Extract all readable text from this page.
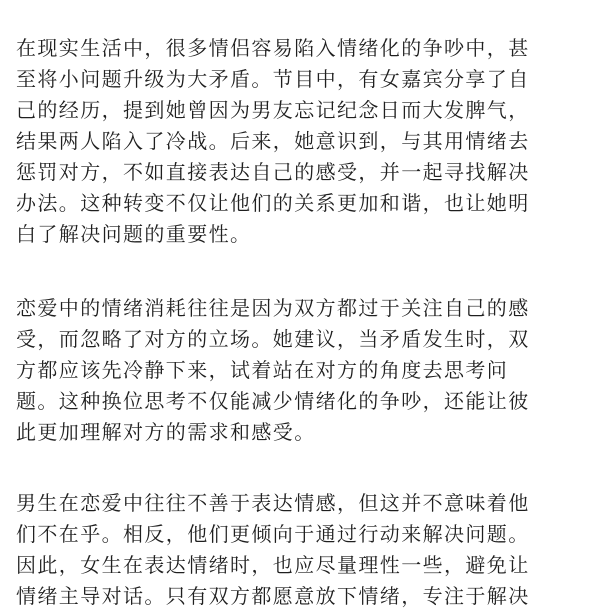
在现实生活中，很多情侣容易陷入情绪化的争吵中，甚
至将小问题升级为大矛盾。节目中，有女嘉宾分享了自
己的经历，提到她曾因为男友忘记纪念日而大发脾气，
结果两人陷入了冷战。后来，她意识到，与其用情绪去
惩罚对方，不如直接表达自己的感受，并一起寻找解决
办法。这种转变不仅让他们的关系更加和谐，也让她明
白了解决问题的重要性。

恋爱中的情绪消耗往往是因为双方都过于关注自己的感
受，而忽略了对方的立场。她建议，当矛盾发生时，双
方都应该先冷静下来，试着站在对方的角度去思考问
题。这种换位思考不仅能减少情绪化的争吵，还能让彼
此更加理解对方的需求和感受。

男生在恋爱中往往不善于表达情感，但这并不意味着他
们不在乎。相反，他们更倾向于通过行动来解决问题。
因此，女生在表达情绪时，也应尽量理性一些，避免让
情绪主导对话。只有双方都愿意放下情绪，专注于解决
